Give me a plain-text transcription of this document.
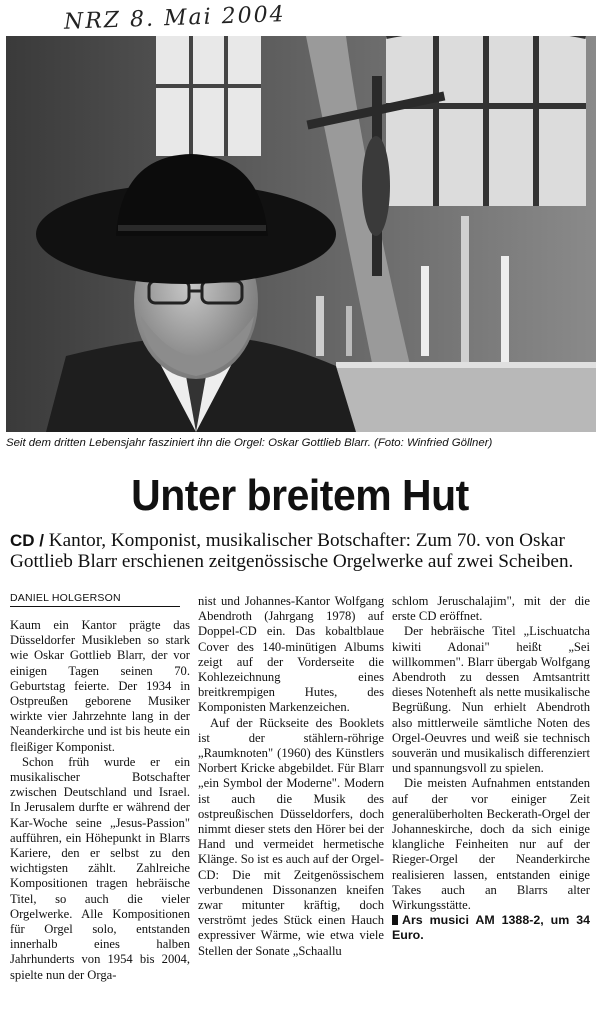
NRZ 8. Mai 2004
Seit dem dritten Lebensjahr fasziniert ihn die Orgel: Oskar Gottlieb Blarr. (Foto: Winfried Göllner)
Unter breitem Hut
CD / Kantor, Komponist, musikalischer Botschafter: Zum 70. von Oskar Gottlieb Blarr erschienen zeitgenössische Orgelwerke auf zwei Scheiben.
DANIEL HOLGERSON

Kaum ein Kantor prägte das Düsseldorfer Musikleben so stark wie Oskar Gottlieb Blarr, der vor einigen Tagen seinen 70. Geburtstag feierte. Der 1934 in Ostpreußen geborene Musiker wirkte vier Jahrzehnte lang in der Neanderkirche und ist bis heute ein fleißiger Komponist.

Schon früh wurde er ein musikalischer Botschafter zwischen Deutschland und Israel. In Jerusalem durfte er während der Kar-Woche seine „Jesus-Passion" aufführen, ein Höhepunkt in Blarrs Kariere, den er selbst zu den wichtigsten zählt. Zahlreiche Kompositionen tragen hebräische Titel, so auch die vieler Orgelwerke. Alle Kompositionen für Orgel solo, entstanden innerhalb eines halben Jahrhunderts von 1954 bis 2004, spielte nun der Orga-

nist und Johannes-Kantor Wolfgang Abendroth (Jahrgang 1978) auf Doppel-CD ein. Das kobaltblaue Cover des 140-minütigen Albums zeigt auf der Vorderseite die Kohlezeichnung eines breitkrempigen Hutes, des Komponisten Markenzeichen.

Auf der Rückseite des Booklets ist der stählern-röhrige „Raumknoten" (1960) des Künstlers Norbert Kricke abgebildet. Für Blarr „ein Symbol der Moderne". Modern ist auch die Musik des ostpreußischen Düsseldorfers, doch nimmt dieser stets den Hörer bei der Hand und vermeidet hermetische Klänge. So ist es auch auf der Orgel-CD: Die mit Zeitgenössischem verbundenen Dissonanzen kneifen zwar mitunter kräftig, doch verströmt jedes Stück einen Hauch expressiver Wärme, wie etwa viele Stellen der Sonate „Schaallu

schlom Jeruschalajim", mit der die erste CD eröffnet.

Der hebräische Titel „Lischuatcha kiwiti Adonai" heißt „Sei willkommen". Blarr übergab Wolfgang Abendroth zu dessen Amtsantritt dieses Notenheft als nette musikalische Begrüßung. Nun erhielt Abendroth also mittlerweile sämtliche Noten des Orgel-Oeuvres und weiß sie technisch souverän und musikalisch differenziert und spannungsvoll zu spielen.

Die meisten Aufnahmen entstanden auf der vor einiger Zeit generalüberholten Beckerath-Orgel der Johanneskirche, doch da sich einige klangliche Feinheiten nur auf der Rieger-Orgel der Neanderkirche realisieren lassen, entstanden einige Takes auch an Blarrs alter Wirkungsstätte.

Ars musici AM 1388-2, um 34 Euro.
